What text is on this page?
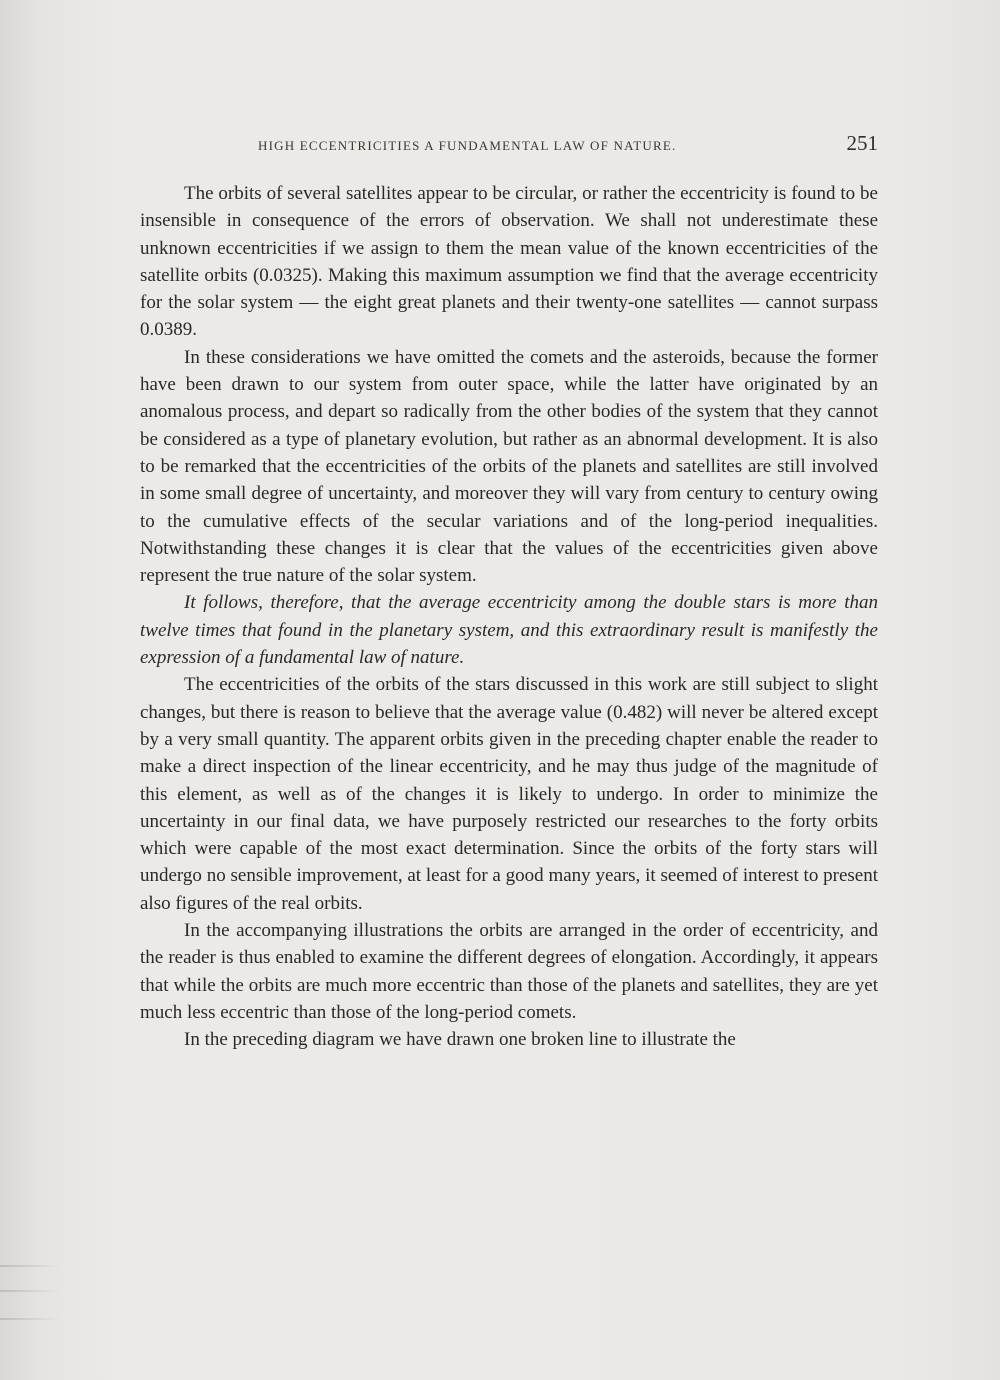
HIGH ECCENTRICITIES A FUNDAMENTAL LAW OF NATURE.	251

The orbits of several satellites appear to be circular, or rather the eccentricity is found to be insensible in consequence of the errors of observation. We shall not underestimate these unknown eccentricities if we assign to them the mean value of the known eccentricities of the satellite orbits (0.0325). Making this maximum assumption we find that the average eccentricity for the solar system — the eight great planets and their twenty-one satellites — cannot surpass 0.0389.

In these considerations we have omitted the comets and the asteroids, because the former have been drawn to our system from outer space, while the latter have originated by an anomalous process, and depart so radically from the other bodies of the system that they cannot be considered as a type of planetary evolution, but rather as an abnormal development. It is also to be remarked that the eccentricities of the orbits of the planets and satellites are still involved in some small degree of uncertainty, and moreover they will vary from century to century owing to the cumulative effects of the secular variations and of the long-period inequalities. Notwithstanding these changes it is clear that the values of the eccentricities given above represent the true nature of the solar system.

It follows, therefore, that the average eccentricity among the double stars is more than twelve times that found in the planetary system, and this extraordinary result is manifestly the expression of a fundamental law of nature.

The eccentricities of the orbits of the stars discussed in this work are still subject to slight changes, but there is reason to believe that the average value (0.482) will never be altered except by a very small quantity. The apparent orbits given in the preceding chapter enable the reader to make a direct inspection of the linear eccentricity, and he may thus judge of the magnitude of this element, as well as of the changes it is likely to undergo. In order to minimize the uncertainty in our final data, we have purposely restricted our researches to the forty orbits which were capable of the most exact determination. Since the orbits of the forty stars will undergo no sensible improvement, at least for a good many years, it seemed of interest to present also figures of the real orbits.

In the accompanying illustrations the orbits are arranged in the order of eccentricity, and the reader is thus enabled to examine the different degrees of elongation. Accordingly, it appears that while the orbits are much more eccentric than those of the planets and satellites, they are yet much less eccentric than those of the long-period comets.

In the preceding diagram we have drawn one broken line to illustrate the
